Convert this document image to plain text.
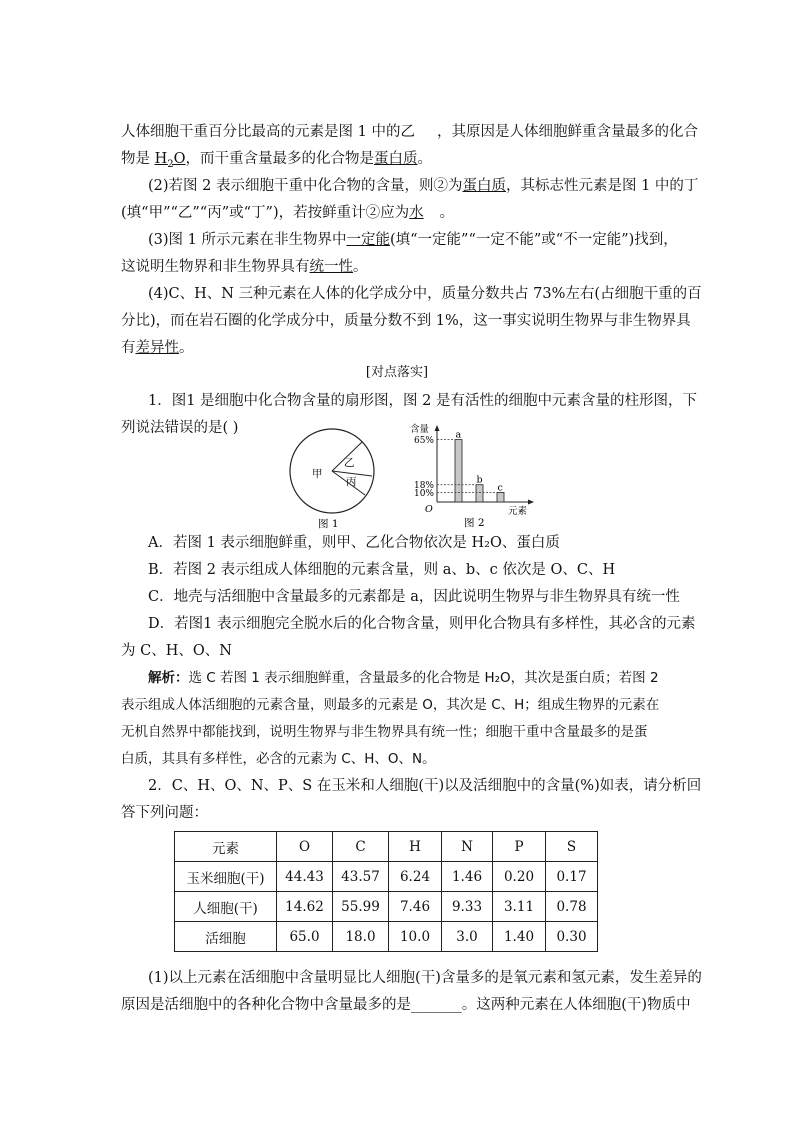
人体细胞干重百分比最高的元素是图 1 中的乙 ，其原因是人体细胞鲜重含量最多的化合
物是 $H_2O$，而干重含量最多的化合物是蛋白质。
(2)若图 2 表示细胞干重中化合物的含量，则②为蛋白质，其标志性元素是图 1 中的丁
(填“甲”“乙”“丙”或“丁”)，若按鲜重计②应为水 。
(3)图 1 所示元素在非生物界中一定能(填“一定能”“一定不能”或“不一定能”)找到，
这说明生物界和非生物界具有统一性。
(4)C、H、N 三种元素在人体的化学成分中，质量分数共占 73%左右(占细胞干重的百
分比)，而在岩石圈的化学成分中，质量分数不到 1%，这一事实说明生物界与非生物界具
有差异性。
[对点落实]
1．图1 是细胞中化合物含量的扇形图，图 2 是有活性的细胞中元素含量的柱形图，下
列说法错误的是( )
甲
乙
丙
图 1
含量
元素
O
图 2
a
65%
b
18%	c
10%
A．若图 1 表示细胞鲜重，则甲、乙化合物依次是 H₂O、蛋白质
B．若图 2 表示组成人体细胞的元素含量，则 a、b、c 依次是 O、C、H
C．地壳与活细胞中含量最多的元素都是 a，因此说明生物界与非生物界具有统一性
D．若图1 表示细胞完全脱水后的化合物含量，则甲化合物具有多样性，其必含的元素
为 C、H、O、N
解析：选 C 若图 1 表示细胞鲜重，含量最多的化合物是 H₂O，其次是蛋白质；若图 2
表示组成人体活细胞的元素含量，则最多的元素是 O，其次是 C、H；组成生物界的元素在
无机自然界中都能找到，说明生物界与非生物界具有统一性；细胞干重中含量最多的是蛋
白质，其具有多样性，必含的元素为 C、H、O、N。
2．C、H、O、N、P、S 在玉米和人细胞(干)以及活细胞中的含量(%)如表，请分析回
答下列问题：
元素	O	C	H	N	P	S
玉米细胞(干)	44.43	43.57	6.24	1.46	0.20	0.17
人细胞(干)	14.62	55.99	7.46	9.33	3.11	0.78
活细胞	65.0	18.0	10.0	3.0	1.40	0.30
(1)以上元素在活细胞中含量明显比人细胞(干)含量多的是氧元素和氢元素，发生差异的
原因是活细胞中的各种化合物中含量最多的是_______。这两种元素在人体细胞(干)物质中
